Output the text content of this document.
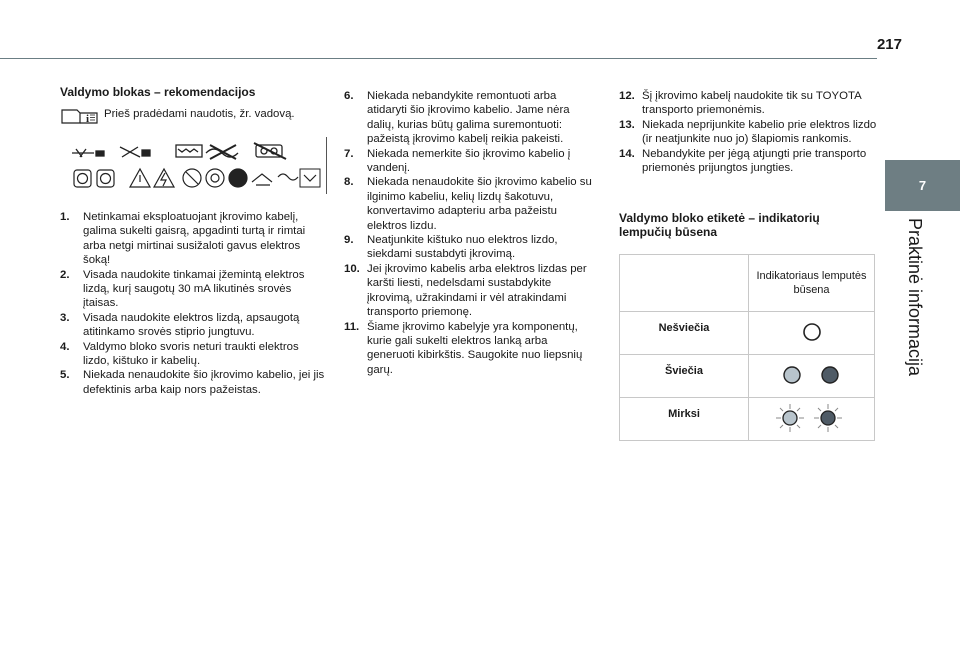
217
7
Praktinė informacija
Valdymo blokas – rekomendacijos
i Prieš pradėdami naudotis, žr. vadovą.
1.	Netinkamai eksploatuojant įkrovimo kabelį, galima sukelti gaisrą, apgadinti turtą ir rimtai arba netgi mirtinai susižaloti gavus elektros šoką!
2.	Visada naudokite tinkamai įžemintą elektros lizdą, kurį saugotų 30 mA likutinės srovės įtaisas.
3.	Visada naudokite elektros lizdą, apsaugotą atitinkamo srovės stiprio jungtuvu.
4.	Valdymo bloko svoris neturi traukti elektros lizdo, kištuko ir kabelių.
5.	Niekada nenaudokite šio įkrovimo kabelio, jei jis defektinis arba kaip nors pažeistas.
6.	Niekada nebandykite remontuoti arba atidaryti šio įkrovimo kabelio. Jame nėra dalių, kurias būtų galima suremontuoti: pažeistą įkrovimo kabelį reikia pakeisti.
7.	Niekada nemerkite šio įkrovimo kabelio į vandenį.
8.	Niekada nenaudokite šio įkrovimo kabelio su ilginimo kabeliu, kelių lizdų šakotuvu, konvertavimo adapteriu arba pažeistu elektros lizdu.
9.	Neatjunkite kištuko nuo elektros lizdo, siekdami sustabdyti įkrovimą.
10. Jei įkrovimo kabelis arba elektros lizdas per karšti liesti, nedelsdami sustabdykite įkrovimą, užrakindami ir vėl atrakindami transporto priemonę.
11. Šiame įkrovimo kabelyje yra komponentų, kurie gali sukelti elektros lanką arba generuoti kibirkštis. Saugokite nuo liepsnių garų.
12. Šį įkrovimo kabelį naudokite tik su TOYOTA transporto priemonėmis.
13. Niekada neprijunkite kabelio prie elektros lizdo (ir neatjunkite nuo jo) šlapiomis rankomis.
14. Nebandykite per jėgą atjungti prie transporto priemonės prijungtos jungties.
Valdymo bloko etiketė – indikatorių lempučių būsena
	Indikatoriaus lemputės būsena
Nešviečia	
Šviečia	
Mirksi	
